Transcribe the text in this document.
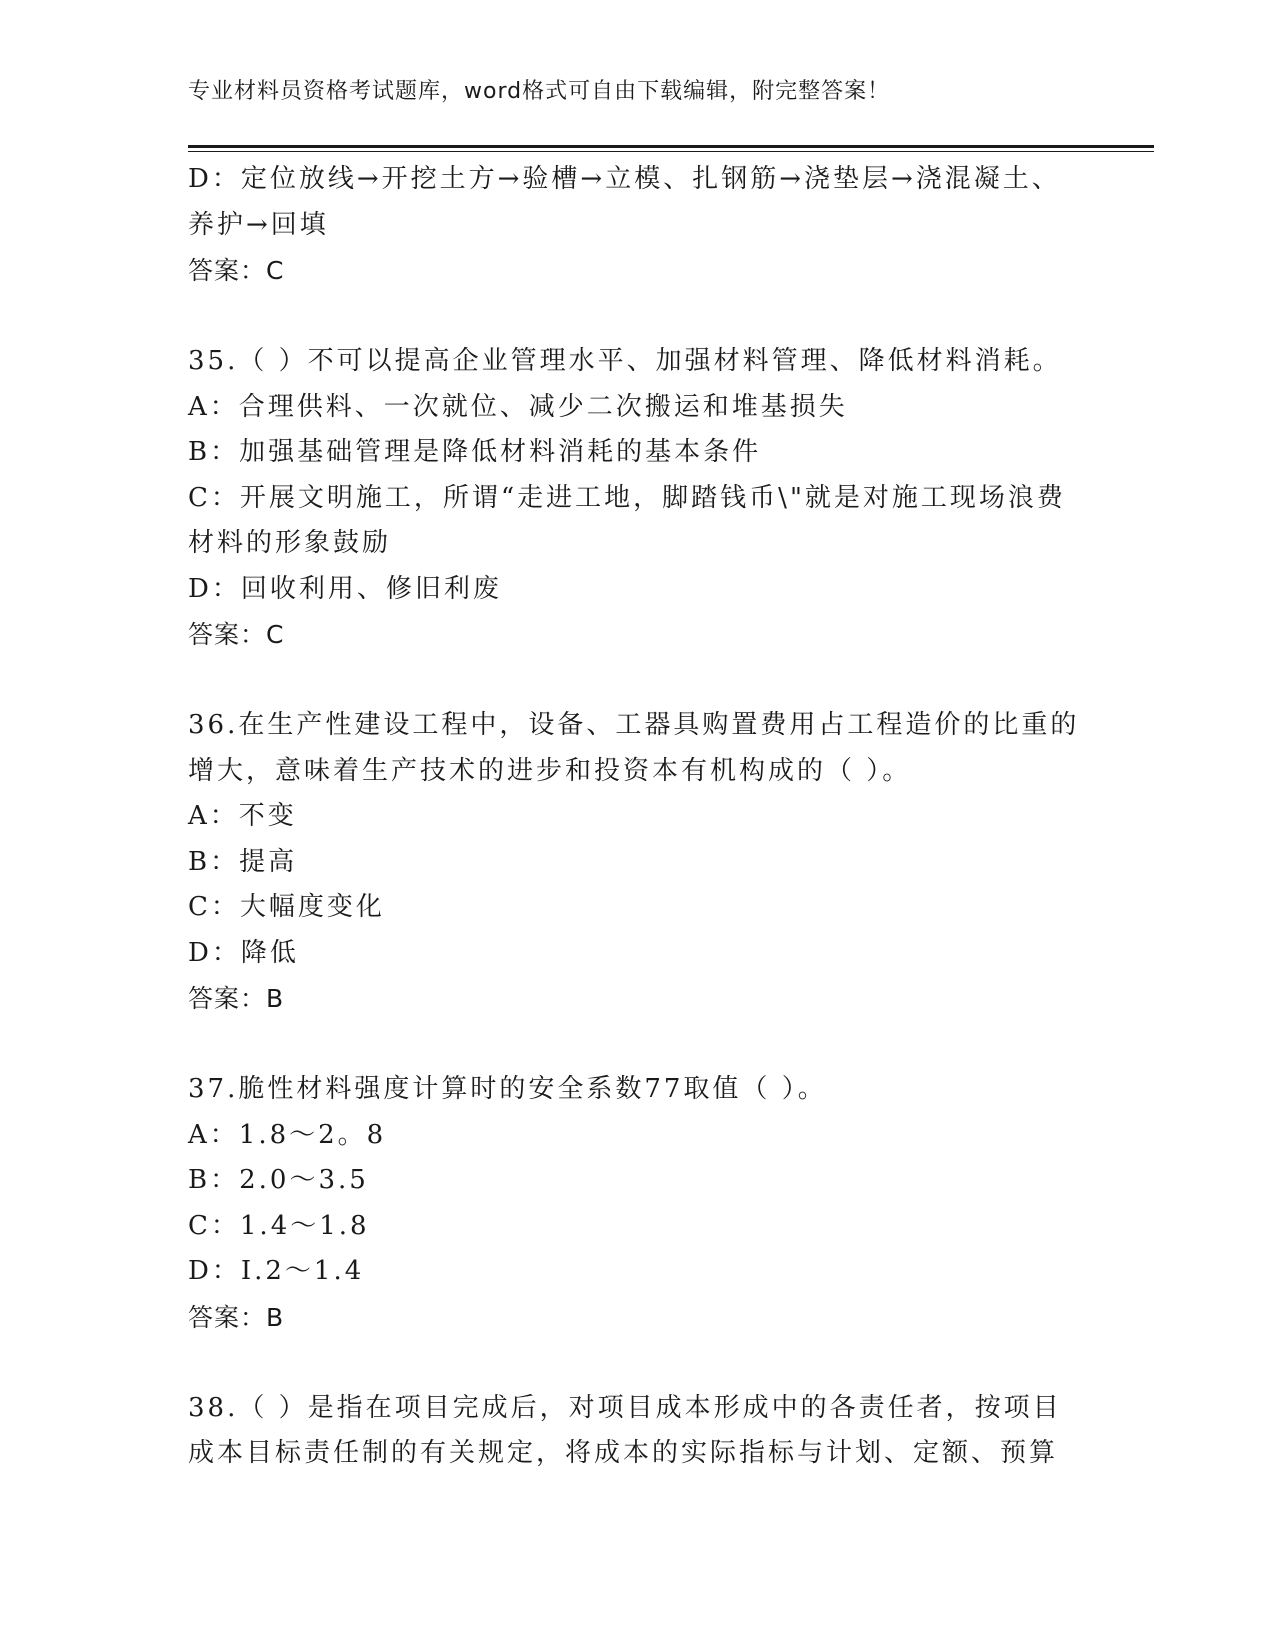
专业材料员资格考试题库，word格式可自由下载编辑，附完整答案！
D：定位放线→开挖土方→验槽→立模、扎钢筋→浇垫层→浇混凝土、
养护→回填
答案：C
35.（ ）不可以提高企业管理水平、加强材料管理、降低材料消耗。
A：合理供料、一次就位、减少二次搬运和堆基损失
B：加强基础管理是降低材料消耗的基本条件
C：开展文明施工，所谓“走进工地，脚踏钱币\"就是对施工现场浪费
材料的形象鼓励
D：回收利用、修旧利废
答案：C
36.在生产性建设工程中，设备、工器具购置费用占工程造价的比重的
增大，意味着生产技术的进步和投资本有机构成的（ ）。
A：不变
B：提高
C：大幅度变化
D：降低
答案：B
37.脆性材料强度计算时的安全系数77取值（ ）。
A：1.8～2。8
B：2.0～3.5
C：1.4～1.8
D：I.2～1.4
答案：B
38.（ ）是指在项目完成后，对项目成本形成中的各责任者，按项目
成本目标责任制的有关规定，将成本的实际指标与计划、定额、预算
